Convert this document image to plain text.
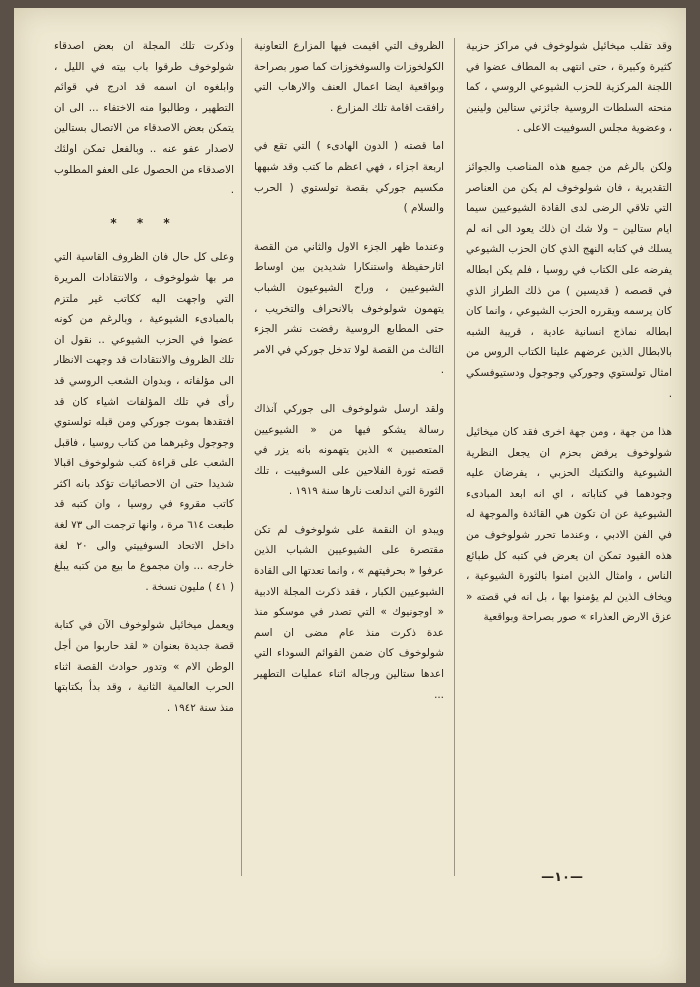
وقد تقلب ميخائيل شولوخوف في مراكز حزبية كثيرة وكبيرة ، حتى انتهى به المطاف عضوا في اللجنة المركزية للحزب الشيوعي الروسي ، كما منحته السلطات الروسية جائزتي ستالين ولينين ، وعضوية مجلس السوفييت الاعلى .

ولكن بالرغم من جميع هذه المناصب والجوائز التقديرية ، فان شولوخوف لم يكن من العناصر التي تلاقي الرضى لدى القادة الشيوعيين سيما ايام ستالين – ولا شك ان ذلك يعود الى انه لم يسلك في كتابه النهج الذي كان الحزب الشيوعي يفرضه على الكتاب في روسيا ، فلم يكن ابطاله في قصصه ( قديسين ) من ذلك الطراز الذي كان يرسمه ويقرره الحزب الشيوعي ، وانما كان ابطاله نماذج انسانية عادية ، قريبة الشبه بالابطال الذين عرضهم علينا الكتاب الروس من امثال تولستوي وجوركي وجوجول ودستيوفسكي .

هذا من جهة ، ومن جهة اخرى فقد كان ميخائيل شولوخوف يرفض بحزم ان يجعل النظرية الشيوعية والتكتيك الحزبي ، يفرضان عليه وجودهما في كتاباته ، اي انه ابعد المبادىء الشيوعية عن ان تكون هي القائدة والموجهة له في الفن الادبي ، وعندما تحرر شولوخوف من هذه القيود تمكن ان يعرض في كتبه كل طبائع الناس ، وامثال الذين امنوا بالثورة الشيوعية ، ويخاف الذين لم يؤمنوا بها ، بل انه في قصته « عزق الارض العذراء » صور بصراحة وبواقعية

الظروف التي اقيمت فيها المزارع التعاونية الكولخوزات والسوفخوزات كما صور بصراحة وبواقعية ايضا اعمال العنف والارهاب التي رافقت اقامة تلك المزارع .

اما قصته ( الدون الهادىء ) التي تقع في اربعة اجزاء ، فهي اعظم ما كتب وقد شبهها مكسيم جوركي بقصة تولستوي ( الحرب والسلام )

وعندما ظهر الجزء الاول والثاني من القصة اثارحفيظة واستنكارا شديدين بين اوساط الشيوعيين ، وراح الشيوعيون الشباب يتهمون شولوخوف بالانحراف والتخريب ، حتى المطابع الروسية رفضت نشر الجزء الثالث من القصة لولا تدخل جوركي في الامر .

ولقد ارسل شولوخوف الى جوركي آنذاك رسالة يشكو فيها من « الشيوعيين المتعصبين » الذين يتهمونه بانه يزر في قصته ثورة الفلاحين على السوفييت ، تلك الثورة التي اندلعت نارها سنة ١٩١٩ .

ويبدو ان النقمة على شولوخوف لم تكن مقتصرة على الشيوعيين الشباب الذين عرفوا « بحرفيتهم » ، وانما تعدتها الى القادة الشيوعيين الكبار ، فقد ذكرت المجلة الادبية « اوجونيوك » التي تصدر في موسكو منذ عدة ذكرت منذ عام مضى ان اسم شولوخوف كان ضمن القوائم السوداء التي اعدها ستالين ورجاله اثناء عمليات التطهير ...

وذكرت تلك المجلة ان بعض اصدقاء شولوخوف طرقوا باب بيته في الليل ، وابلغوه ان اسمه قد ادرج في قوائم التطهير ، وطالبوا منه الاختفاء ... الى ان يتمكن بعض الاصدقاء من الاتصال بستالين لاصدار عفو عنه .. وبالفعل تمكن اولئك الاصدقاء من الحصول على العفو المطلوب .

* * *

وعلى كل حال فان الظروف القاسية التي مر بها شولوخوف ، والانتقادات المريرة التي واجهت اليه ككاتب غير ملتزم بالمبادىء الشيوعية ، وبالرغم من كونه عضوا في الحزب الشيوعي .. نقول ان تلك الظروف والانتقادات قد وجهت الانظار الى مؤلفاته ، وبدوان الشعب الروسي قد رأى في تلك المؤلفات اشياء كان قد افتقدها بموت جوركي ومن قبله تولستوي وجوجول وغيرهما من كتاب روسيا ، فاقبل الشعب على قراءة كتب شولوخوف اقبالا شديدا حتى ان الاحصائيات تؤكد بانه اكثر كاتب مقروء في روسيا ، وان كتبه قد طبعت ٦١٤ مرة ، وانها ترجمت الى ٧٣ لغة داخل الاتحاد السوفييتي والى ٢٠ لغة خارجه ... وان مجموع ما بيع من كتبه يبلغ ( ٤١ ) مليون نسخة .

ويعمل ميخائيل شولوخوف الآن في كتابة قصة جديدة بعنوان « لقد حاربوا من أجل الوطن الام » وتدور حوادث القصة اثناء الحرب العالمية الثانية ، وقد بدأ بكتابتها منذ سنة ١٩٤٢ .

—١٠—
